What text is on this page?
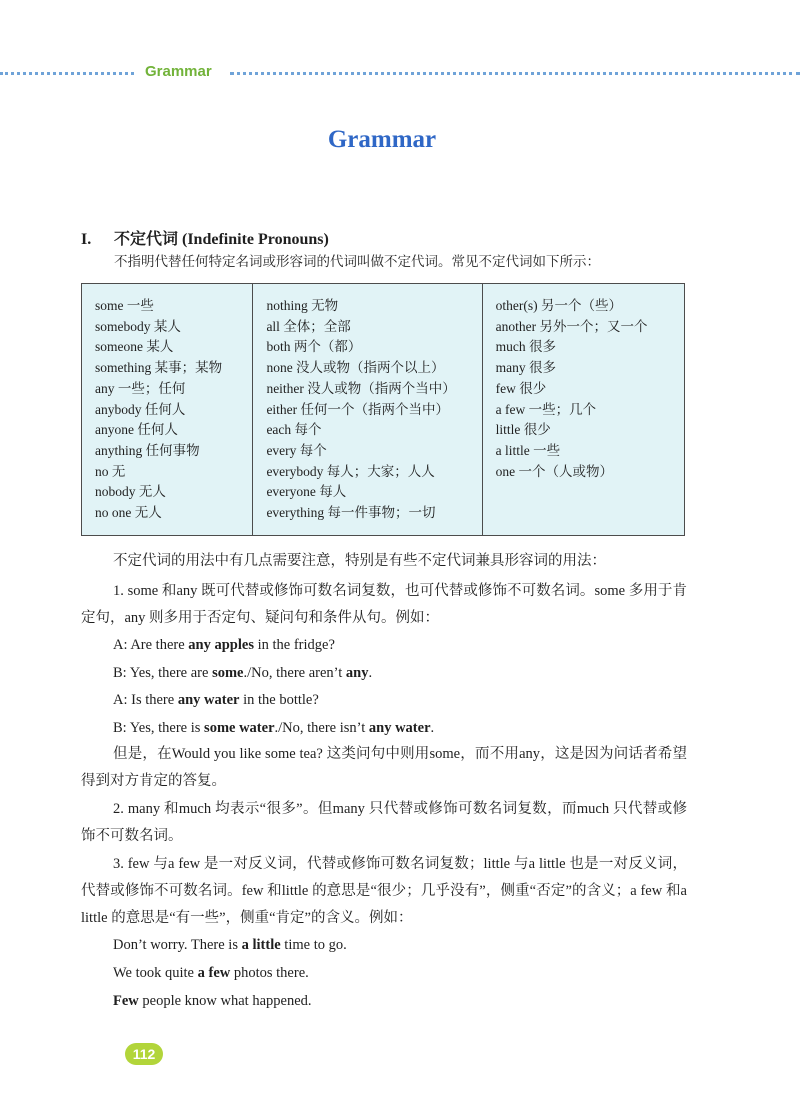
Grammar
Grammar
I. 不定代词 (Indefinite Pronouns)
不指明代替任何特定名词或形容词的代词叫做不定代词。常见不定代词如下所示：
some 一些
somebody 某人
someone 某人
something 某事；某物
any 一些；任何
anybody 任何人
anyone 任何人
anything 任何事物
no 无
nobody 无人
no one 无人
nothing 无物
all 全体；全部
both 两个（都）
none 没人或物（指两个以上）
neither 没人或物（指两个当中）
either 任何一个（指两个当中）
each 每个
every 每个
everybody 每人；大家；人人
everyone 每人
everything 每一件事物；一切
other(s) 另一个（些）
another 另外一个；又一个
much 很多
many 很多
few 很少
a few 一些；几个
little 很少
a little 一些
one 一个（人或物）
不定代词的用法中有几点需要注意，特别是有些不定代词兼具形容词的用法：
1. some 和any 既可代替或修饰可数名词复数，也可代替或修饰不可数名词。some 多用于肯定句，any 则多用于否定句、疑问句和条件从句。例如：
A: Are there any apples in the fridge?
B: Yes, there are some./No, there aren’t any.
A: Is there any water in the bottle?
B: Yes, there is some water./No, there isn’t any water.
但是，在Would you like some tea? 这类问句中则用some，而不用any，这是因为问话者希望得到对方肯定的答复。
2. many 和much 均表示“很多”。但many 只代替或修饰可数名词复数，而much 只代替或修饰不可数名词。
3. few 与a few 是一对反义词，代替或修饰可数名词复数；little 与a little 也是一对反义词，代替或修饰不可数名词。few 和little 的意思是“很少；几乎没有”，侧重“否定”的含义；a few 和a little 的意思是“有一些”，侧重“肯定”的含义。例如：
Don’t worry. There is a little time to go.
We took quite a few photos there.
Few people know what happened.
112
